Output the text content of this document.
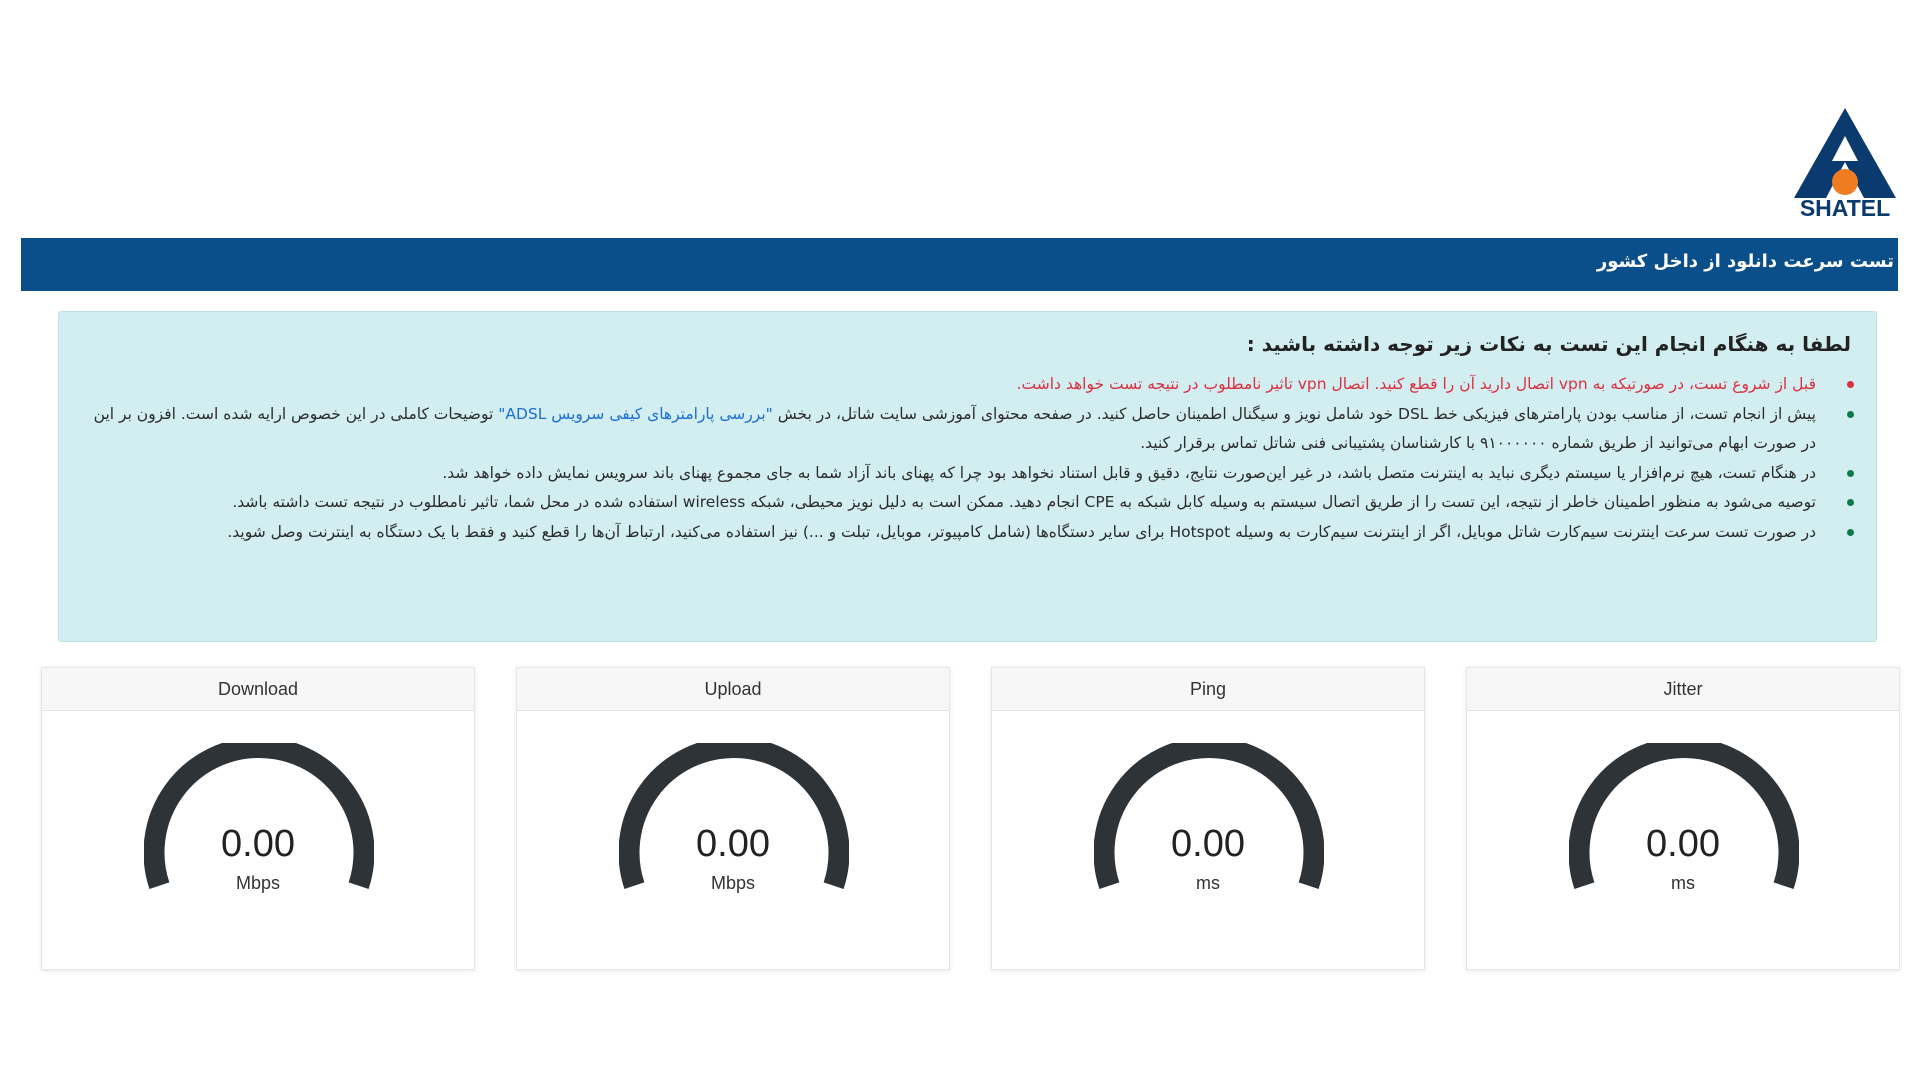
SHATEL
تست سرعت دانلود از داخل کشور
لطفا به هنگام انجام این تست به نکات زیر توجه داشته باشید :
قبل از شروع تست، در صورتیکه به vpn اتصال دارید آن را قطع کنید. اتصال vpn تاثیر نامطلوب در نتیجه تست خواهد داشت.
پیش از انجام تست، از مناسب بودن پارامترهای فیزیکی خط DSL خود شامل نویز و سیگنال اطمینان حاصل کنید. در صفحه محتوای آموزشی سایت شاتل، در بخش "بررسی پارامترهای کیفی سرویس ADSL" توضیحات کاملی در این خصوص ارایه شده است. افزون بر این در صورت ابهام می‌توانید از طریق شماره ۹۱۰۰۰۰۰۰ با کارشناسان پشتیبانی فنی شاتل تماس برقرار کنید.
در هنگام تست، هیچ نرم‌افزار یا سیستم دیگری نباید به اینترنت متصل باشد، در غیر این‌صورت نتایج، دقیق و قابل استناد نخواهد بود چرا که پهنای باند آزاد شما به جای مجموع پهنای باند سرویس نمایش داده خواهد شد.
توصیه می‌شود به منظور اطمینان خاطر از نتیجه، این تست را از طریق اتصال سیستم به وسیله کابل شبکه به CPE انجام دهید. ممکن است به دلیل نویز محیطی، شبکه wireless استفاده شده در محل شما، تاثیر نامطلوب در نتیجه تست داشته باشد.
در صورت تست سرعت اینترنت سیم‌کارت شاتل موبایل، اگر از اینترنت سیم‌کارت به وسیله Hotspot برای سایر دستگاه‌ها (شامل کامپیوتر، موبایل، تبلت و ...) نیز استفاده می‌کنید، ارتباط آن‌ها را قطع کنید و فقط با یک دستگاه به اینترنت وصل شوید.
Download
0.00
Mbps
Upload
0.00
Mbps
Ping
0.00
ms
Jitter
0.00
ms
